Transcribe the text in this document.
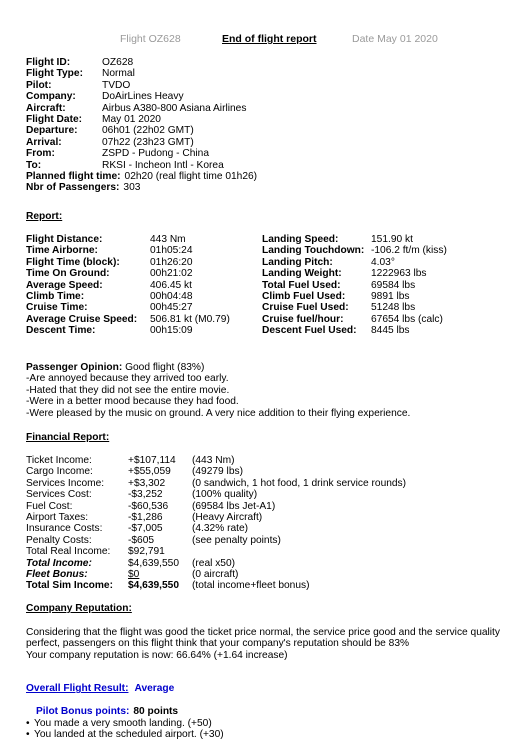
Flight OZ628	End of flight report	Date May 01 2020
Flight ID:	OZ628
Flight Type:	Normal
Pilot:	TVDO
Company:	DoAirLines Heavy
Aircraft:	Airbus A380-800 Asiana Airlines
Flight Date:	May 01 2020
Departure:	06h01 (22h02 GMT)
Arrival:	07h22 (23h23 GMT)
From:	ZSPD - Pudong - China
To:	RKSI - Incheon Intl - Korea
Planned flight time: 02h20 (real flight time 01h26)
Nbr of Passengers: 303
Report:
Flight Distance:	443 Nm
Time Airborne:	01h05:24
Flight Time (block):	01h26:20
Time On Ground:	00h21:02
Average Speed:	406.45 kt
Climb Time:	00h04:48
Cruise Time:	00h45:27
Average Cruise Speed:	506.81 kt (M0.79)
Descent Time:	00h15:09
Landing Speed:	151.90 kt
Landing Touchdown: -106.2 ft/m (kiss)
Landing Pitch:	4.03°
Landing Weight:	1222963 lbs
Total Fuel Used:	69584 lbs
Climb Fuel Used:	9891 lbs
Cruise Fuel Used:	51248 lbs
Cruise fuel/hour:	67654 lbs (calc)
Descent Fuel Used:	8445 lbs
Passenger Opinion: Good flight (83%)
-Are annoyed because they arrived too early.
-Hated that they did not see the entire movie.
-Were in a better mood because they had food.
-Were pleased by the music on ground. A very nice addition to their flying experience.
Financial Report:
Ticket Income:	+$107,114	(443 Nm)
Cargo Income:	+$55,059	(49279 lbs)
Services Income:	+$3,302	(0 sandwich, 1 hot food, 1 drink service rounds)
Services Cost:	-$3,252	(100% quality)
Fuel Cost:	-$60,536	(69584 lbs Jet-A1)
Airport Taxes:	-$1,286	(Heavy Aircraft)
Insurance Costs:	-$7,005	(4.32% rate)
Penalty Costs:	-$605	(see penalty points)
Total Real Income:	$92,791
Total Income:	$4,639,550	(real x50)
Fleet Bonus:	$0	(0 aircraft)
Total Sim Income:	$4,639,550	(total income+fleet bonus)
Company Reputation:
Considering that the flight was good the ticket price normal, the service price good and the service quality
perfect, passengers on this flight think that your company's reputation should be 83%
Your company reputation is now: 66.64% (+1.64 increase)
Overall Flight Result: Average
Pilot Bonus points: 80 points
• You made a very smooth landing. (+50)
• You landed at the scheduled airport. (+30)
